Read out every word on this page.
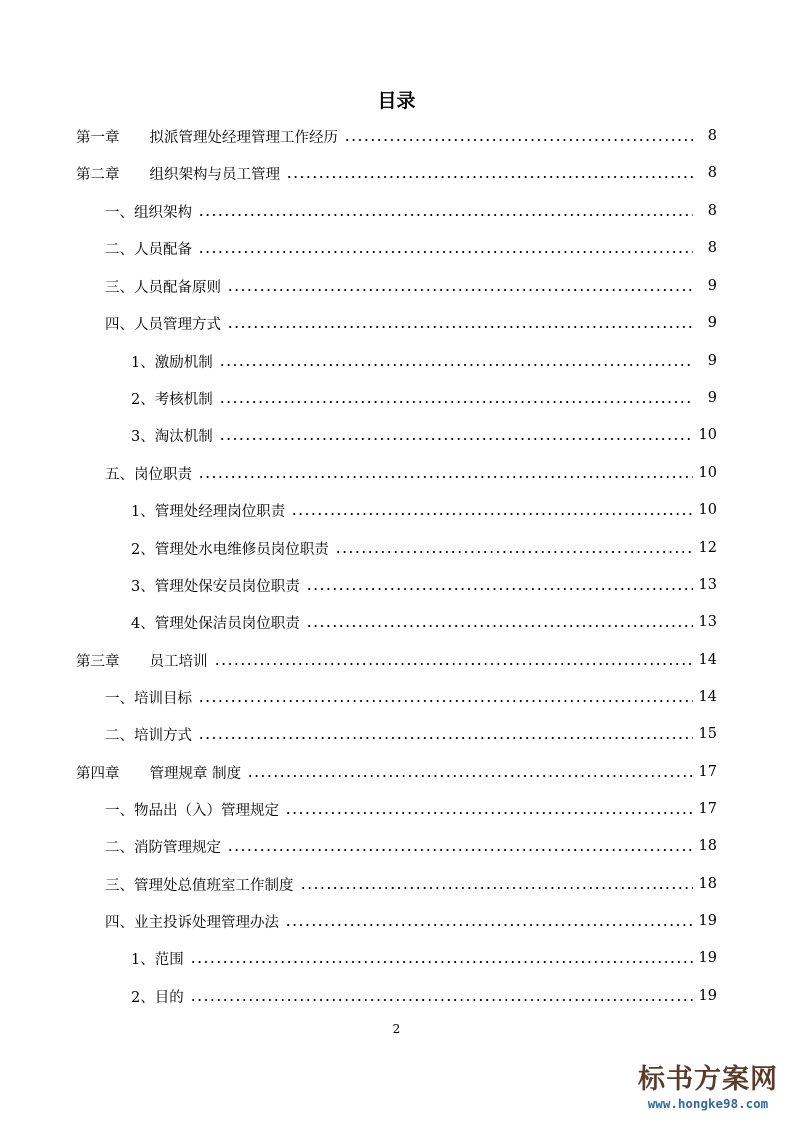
目录
第一章 拟派管理处经理管理工作经历	8
第二章 组织架构与员工管理	8
一、组织架构	8
二、人员配备	8
三、人员配备原则	9
四、人员管理方式	9
1、激励机制	9
2、考核机制	9
3、淘汰机制	10
五、岗位职责	10
1、管理处经理岗位职责	10
2、管理处水电维修员岗位职责	12
3、管理处保安员岗位职责	13
4、管理处保洁员岗位职责	13
第三章 员工培训	14
一、培训目标	14
二、培训方式	15
第四章 管理规章 制度	17
一、物品出（入）管理规定	17
二、消防管理规定	18
三、管理处总值班室工作制度	18
四、业主投诉处理管理办法	19
1、范围	19
2、目的	19
2
标书方案网
www.hongke98.com
